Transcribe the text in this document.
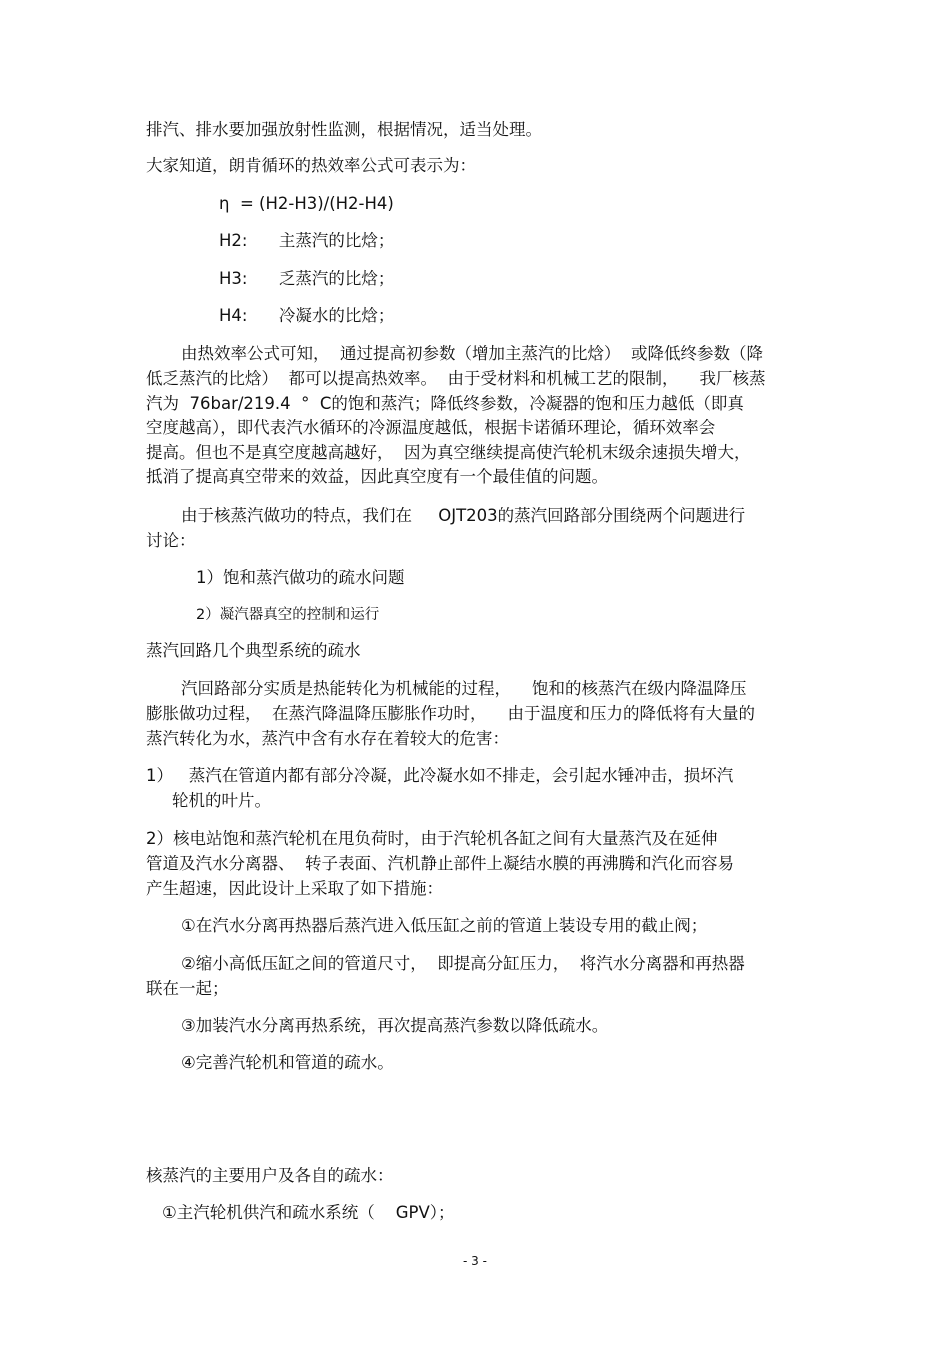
排汽、排水要加强放射性监测，根据情况，适当处理。

大家知道，朗肯循环的热效率公式可表示为：

η  = (H2-H3)/(H2-H4)

H2:      主蒸汽的比焓；

H3:      乏蒸汽的比焓；

H4:      冷凝水的比焓；

由热效率公式可知，  通过提高初参数（增加主蒸汽的比焓）  或降低终参数（降

低乏蒸汽的比焓）  都可以提高热效率。  由于受材料和机械工艺的限制，    我厂核蒸

汽为  76bar/219.4  °  C的饱和蒸汽；降低终参数，冷凝器的饱和压力越低（即真

空度越高），即代表汽水循环的冷源温度越低，根据卡诺循环理论，循环效率会

提高。但也不是真空度越高越好，  因为真空继续提高使汽轮机末级余速损失增大，

抵消了提高真空带来的效益，因此真空度有一个最佳值的问题。

由于核蒸汽做功的特点，我们在     OJT203的蒸汽回路部分围绕两个问题进行

讨论：

1）饱和蒸汽做功的疏水问题

2）凝汽器真空的控制和运行

蒸汽回路几个典型系统的疏水

汽回路部分实质是热能转化为机械能的过程，    饱和的核蒸汽在级内降温降压

膨胀做功过程，  在蒸汽降温降压膨胀作功时，    由于温度和压力的降低将有大量的

蒸汽转化为水，蒸汽中含有水存在着较大的危害：

1）   蒸汽在管道内都有部分冷凝，此冷凝水如不排走，会引起水锤冲击，损坏汽

轮机的叶片。

2）核电站饱和蒸汽轮机在甩负荷时，由于汽轮机各缸之间有大量蒸汽及在延伸

管道及汽水分离器、  转子表面、汽机静止部件上凝结水膜的再沸腾和汽化而容易

产生超速，因此设计上采取了如下措施：

①在汽水分离再热器后蒸汽进入低压缸之前的管道上装设专用的截止阀；

②缩小高低压缸之间的管道尺寸，  即提高分缸压力，  将汽水分离器和再热器

联在一起；

③加装汽水分离再热系统，再次提高蒸汽参数以降低疏水。

④完善汽轮机和管道的疏水。

核蒸汽的主要用户及各自的疏水：

①主汽轮机供汽和疏水系统（    GPV）；

- 3 -
